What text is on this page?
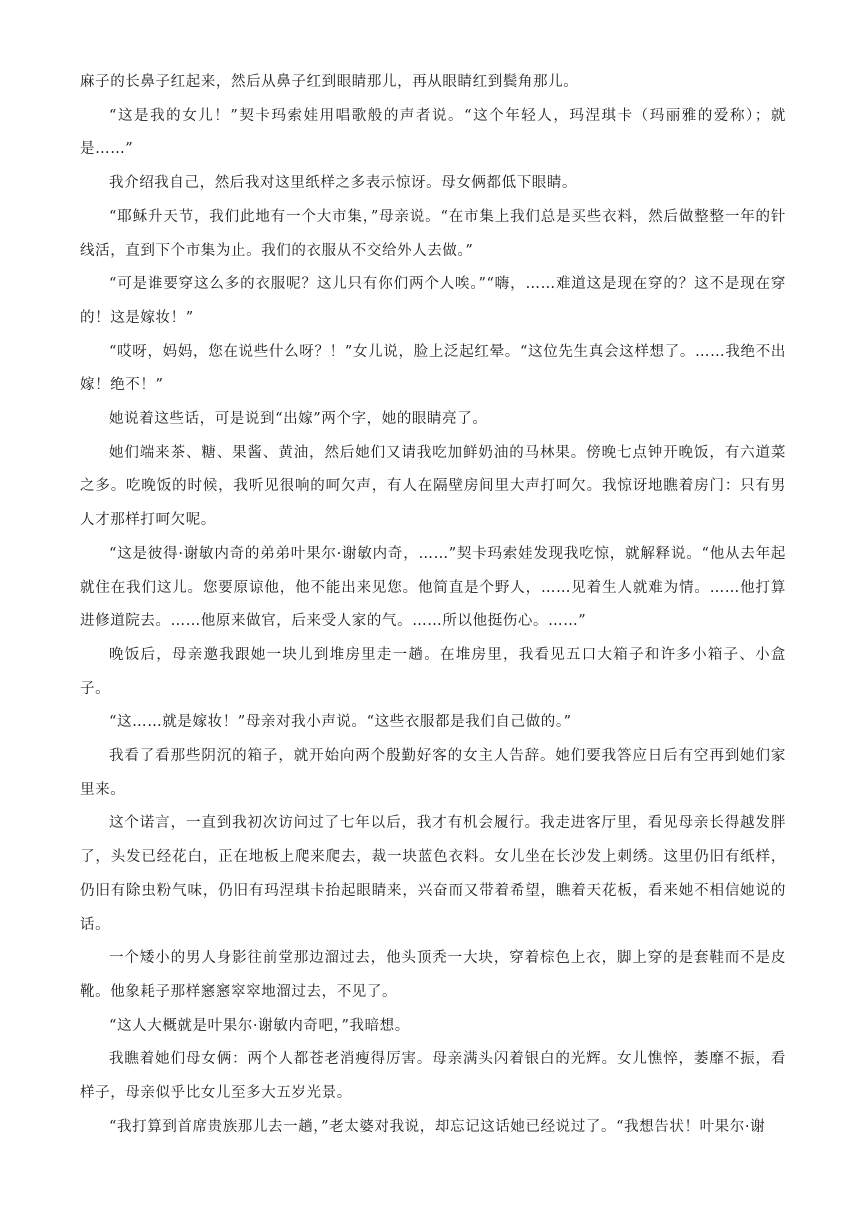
麻子的长鼻子红起来，然后从鼻子红到眼睛那儿，再从眼睛红到鬓角那儿。

“这是我的女儿！”契卡玛索娃用唱歌般的声者说。“这个年轻人，玛涅琪卡（玛丽雅的爱称）；就是……”

我介绍我自己，然后我对这里纸样之多表示惊讶。母女俩都低下眼睛。

“耶稣升天节，我们此地有一个大市集，”母亲说。“在市集上我们总是买些衣料，然后做整整一年的针线活，直到下个市集为止。我们的衣服从不交给外人去做。”

“可是谁要穿这么多的衣服呢？这儿只有你们两个人唉。”“嗨，……难道这是现在穿的？这不是现在穿的！这是嫁妆！”

“哎呀，妈妈，您在说些什么呀？！”女儿说，脸上泛起红晕。“这位先生真会这样想了。……我绝不出嫁！绝不！”

她说着这些话，可是说到“出嫁”两个字，她的眼睛亮了。

她们端来茶、糖、果酱、黄油，然后她们又请我吃加鲜奶油的马林果。傍晚七点钟开晚饭，有六道菜之多。吃晚饭的时候，我听见很响的呵欠声，有人在隔壁房间里大声打呵欠。我惊讶地瞧着房门：只有男人才那样打呵欠呢。

“这是彼得·谢敏内奇的弟弟叶果尔·谢敏内奇，……”契卡玛索娃发现我吃惊，就解释说。“他从去年起就住在我们这儿。您要原谅他，他不能出来见您。他简直是个野人，……见着生人就难为情。……他打算进修道院去。……他原来做官，后来受人家的气。……所以他挺伤心。……”

晚饭后，母亲邀我跟她一块儿到堆房里走一趟。在堆房里，我看见五口大箱子和许多小箱子、小盒子。

“这……就是嫁妆！”母亲对我小声说。“这些衣服都是我们自己做的。”

我看了看那些阴沉的箱子，就开始向两个殷勤好客的女主人告辞。她们要我答应日后有空再到她们家里来。

这个诺言，一直到我初次访问过了七年以后，我才有机会履行。我走进客厅里，看见母亲长得越发胖了，头发已经花白，正在地板上爬来爬去，裁一块蓝色衣料。女儿坐在长沙发上刺绣。这里仍旧有纸样，仍旧有除虫粉气味，仍旧有玛涅琪卡抬起眼睛来，兴奋而又带着希望，瞧着天花板，看来她不相信她说的话。

一个矮小的男人身影往前堂那边溜过去，他头顶秃一大块，穿着棕色上衣，脚上穿的是套鞋而不是皮靴。他象耗子那样窸窸窣窣地溜过去，不见了。

“这人大概就是叶果尔·谢敏内奇吧，”我暗想。

我瞧着她们母女俩：两个人都苍老消瘦得厉害。母亲满头闪着银白的光辉。女儿憔悴，萎靡不振，看样子，母亲似乎比女儿至多大五岁光景。

“我打算到首席贵族那儿去一趟，”老太婆对我说，却忘记这话她已经说过了。“我想告状！叶果尔·谢
